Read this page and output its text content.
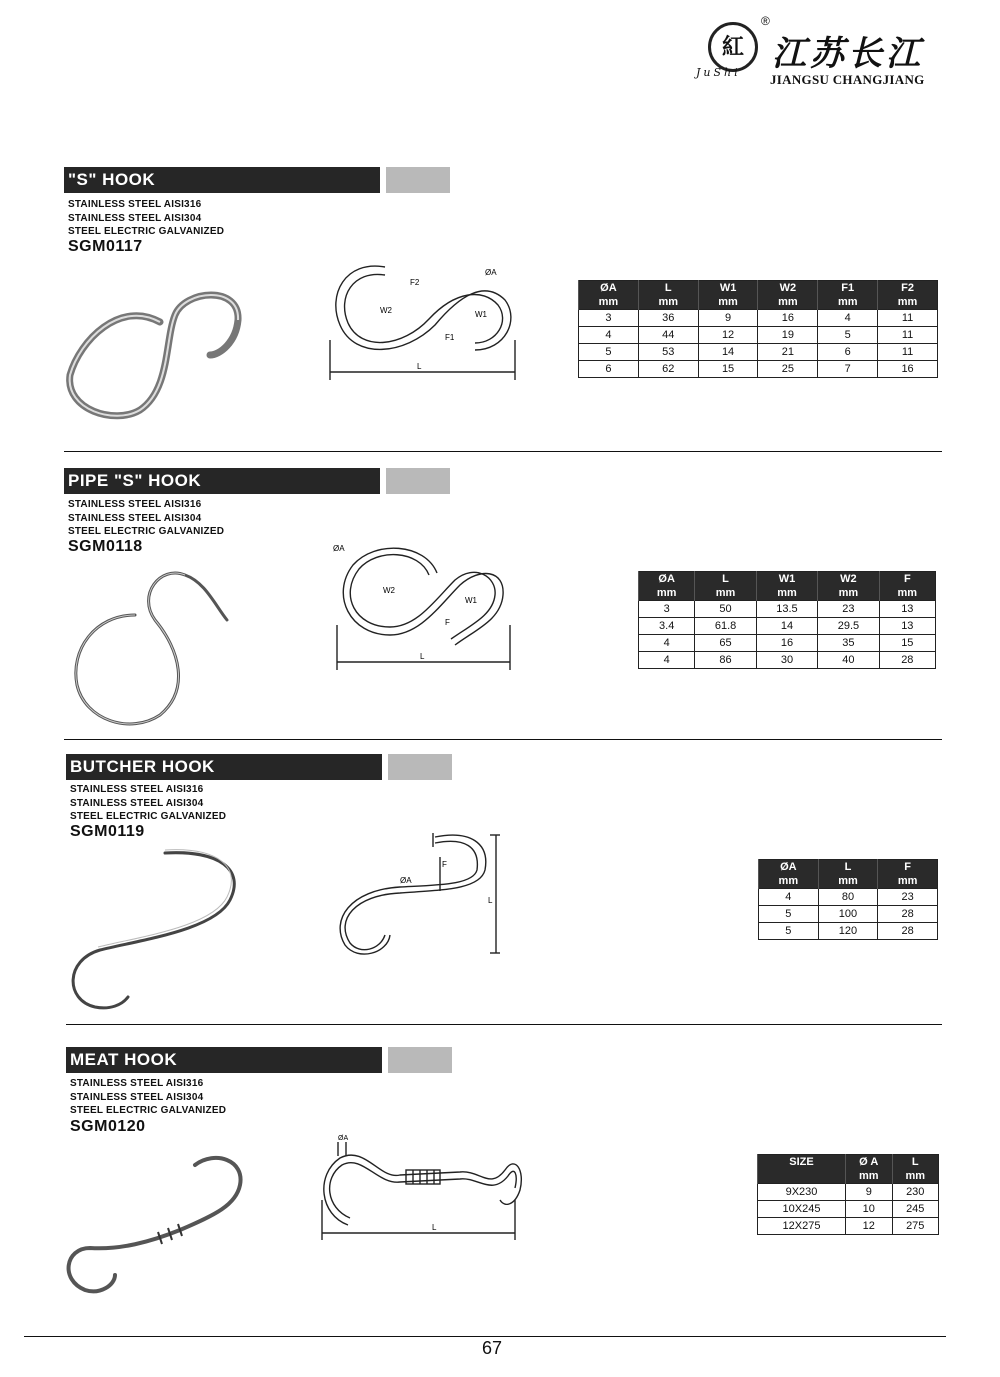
紅
JuShi
®
江苏长江
JIANGSU CHANGJIANG
"S" HOOK
STAINLESS STEEL AISI316
STAINLESS STEEL AISI304
STEEL ELECTRIC GALVANIZED
SGM0117
F2
ØA
W2	W1
F1
L
ØA	L	W1	W2	F1	F2
mm	mm	mm	mm	mm	mm
3	36	9	16	4	11
4	44	12	19	5	11
5	53	14	21	6	11
6	62	15	25	7	16
PIPE "S" HOOK
STAINLESS STEEL AISI316
STAINLESS STEEL AISI304
STEEL ELECTRIC GALVANIZED
SGM0118	ØA
W2
W1
F
L
ØA	L	W1	W2	F
mm	mm	mm	mm	mm
3	50	13.5	23	13
3.4	61.8	14	29.5	13
4	65	16	35	15
4	86	30	40	28
BUTCHER HOOK
STAINLESS STEEL AISI316
STAINLESS STEEL AISI304
STEEL ELECTRIC GALVANIZED
SGM0119
F
ØA
L
ØA	L	F
mm	mm	mm
4	80	23
5	100	28
5	120	28
MEAT HOOK
STAINLESS STEEL AISI316
STAINLESS STEEL AISI304
STEEL ELECTRIC GALVANIZED
SGM0120
ØA
L
SIZE	Ø A	L
	mm	mm
9X230	9	230
10X245	10	245
12X275	12	275
67
